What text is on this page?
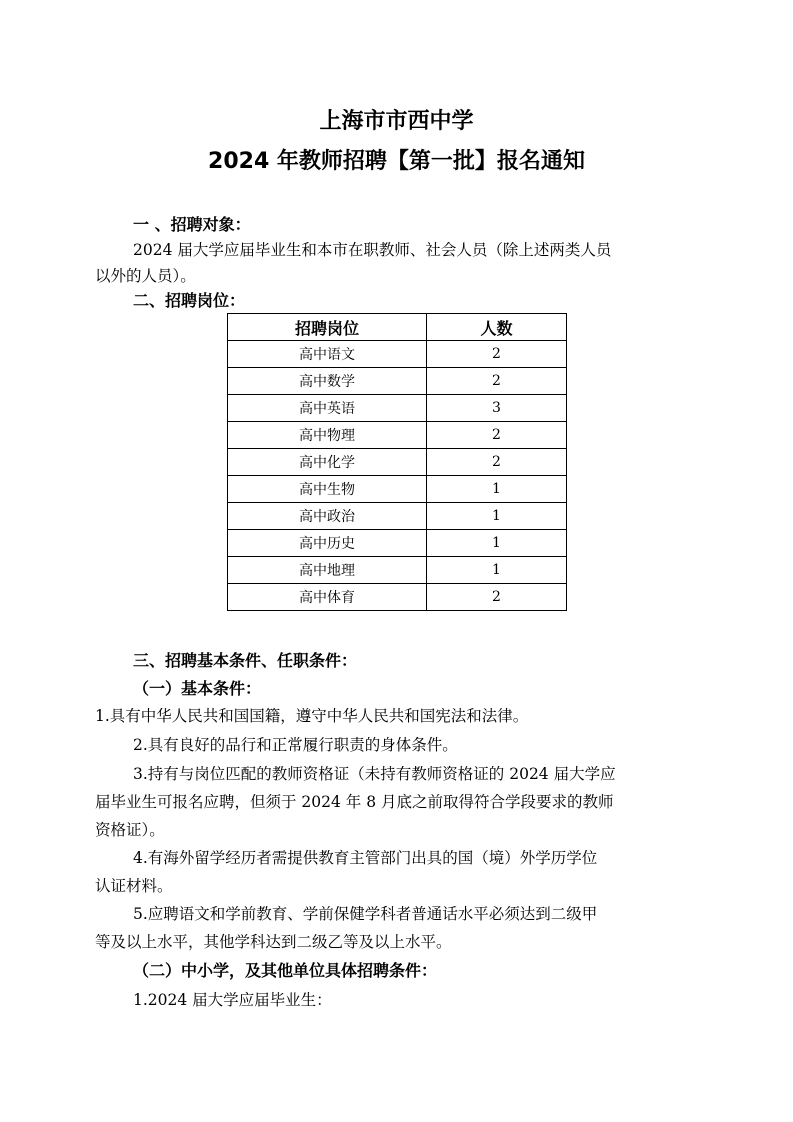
上海市市西中学
2024 年教师招聘【第一批】报名通知
一 、招聘对象：
2024 届大学应届毕业生和本市在职教师、社会人员（除上述两类人员
以外的人员）。
二、招聘岗位：
招聘岗位	人数
高中语文	2
高中数学	2
高中英语	3
高中物理	2
高中化学	2
高中生物	1
高中政治	1
高中历史	1
高中地理	1
高中体育	2
三、招聘基本条件、任职条件：
（一）基本条件：
1.具有中华人民共和国国籍，遵守中华人民共和国宪法和法律。
2.具有良好的品行和正常履行职责的身体条件。
3.持有与岗位匹配的教师资格证（未持有教师资格证的 2024 届大学应
届毕业生可报名应聘，但须于 2024 年 8 月底之前取得符合学段要求的教师
资格证）。
4.有海外留学经历者需提供教育主管部门出具的国（境）外学历学位
认证材料。
5.应聘语文和学前教育、学前保健学科者普通话水平必须达到二级甲
等及以上水平，其他学科达到二级乙等及以上水平。
（二）中小学，及其他单位具体招聘条件：
1.2024 届大学应届毕业生：
